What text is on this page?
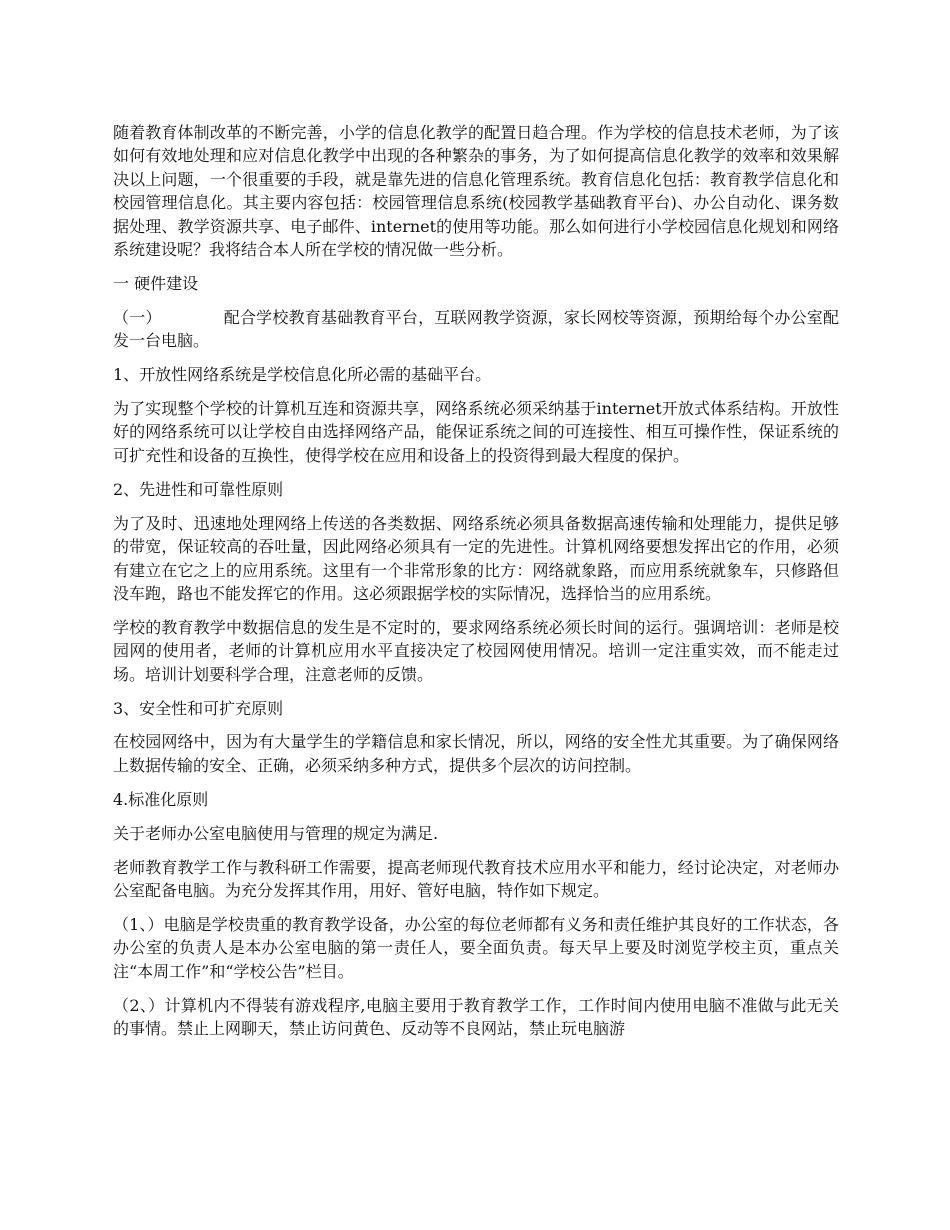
随着教育体制改革的不断完善，小学的信息化教学的配置日趋合理。作为学校的信息技术老师，为了该如何有效地处理和应对信息化教学中出现的各种繁杂的事务，为了如何提高信息化教学的效率和效果解决以上问题，一个很重要的手段，就是靠先进的信息化管理系统。教育信息化包括：教育教学信息化和校园管理信息化。其主要内容包括：校园管理信息系统(校园教学基础教育平台)、办公自动化、课务数据处理、教学资源共享、电子邮件、internet的使用等功能。那么如何进行小学校园信息化规划和网络系统建设呢？我将结合本人所在学校的情况做一些分析。

一 硬件建设

（一）	配合学校教育基础教育平台，互联网教学资源，家长网校等资源，预期给每个办公室配发一台电脑。

1、开放性网络系统是学校信息化所必需的基础平台。

为了实现整个学校的计算机互连和资源共享，网络系统必须采纳基于internet开放式体系结构。开放性好的网络系统可以让学校自由选择网络产品，能保证系统之间的可连接性、相互可操作性，保证系统的可扩充性和设备的互换性，使得学校在应用和设备上的投资得到最大程度的保护。

2、先进性和可靠性原则

为了及时、迅速地处理网络上传送的各类数据、网络系统必须具备数据高速传输和处理能力，提供足够的带宽，保证较高的吞吐量，因此网络必须具有一定的先进性。计算机网络要想发挥出它的作用，必须有建立在它之上的应用系统。这里有一个非常形象的比方：网络就象路，而应用系统就象车，只修路但没车跑，路也不能发挥它的作用。这必须跟据学校的实际情况，选择恰当的应用系统。

学校的教育教学中数据信息的发生是不定时的，要求网络系统必须长时间的运行。强调培训：老师是校园网的使用者，老师的计算机应用水平直接决定了校园网使用情况。培训一定注重实效，而不能走过场。培训计划要科学合理，注意老师的反馈。

3、安全性和可扩充原则

在校园网络中，因为有大量学生的学籍信息和家长情况，所以，网络的安全性尤其重要。为了确保网络上数据传输的安全、正确，必须采纳多种方式，提供多个层次的访问控制。

4.标准化原则

关于老师办公室电脑使用与管理的规定为满足.

老师教育教学工作与教科研工作需要，提高老师现代教育技术应用水平和能力，经讨论决定，对老师办公室配备电脑。为充分发挥其作用，用好、管好电脑，特作如下规定。

（1、）电脑是学校贵重的教育教学设备，办公室的每位老师都有义务和责任维护其良好的工作状态，各办公室的负责人是本办公室电脑的第一责任人，要全面负责。每天早上要及时浏览学校主页，重点关注“本周工作”和“学校公告”栏目。

（2、）计算机内不得装有游戏程序,电脑主要用于教育教学工作，工作时间内使用电脑不准做与此无关的事情。禁止上网聊天，禁止访问黄色、反动等不良网站，禁止玩电脑游
